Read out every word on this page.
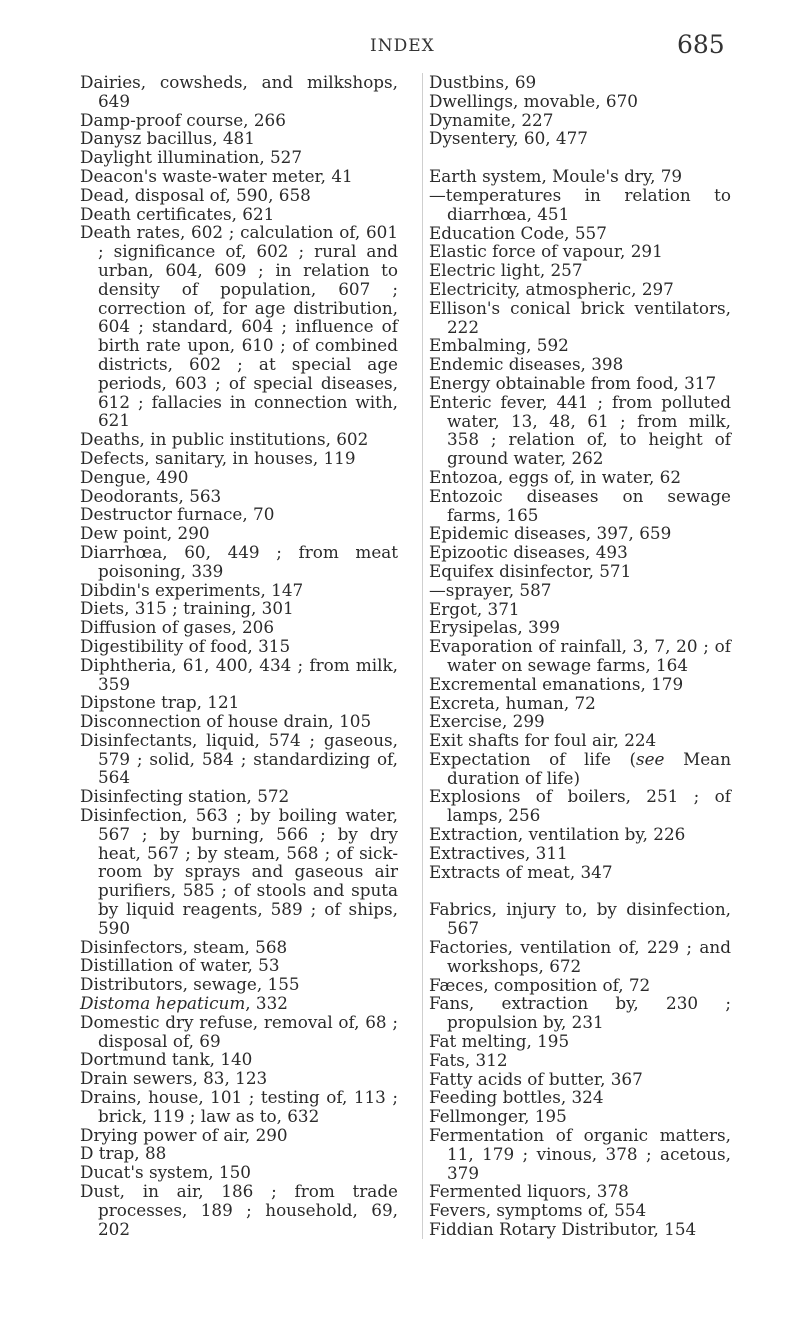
INDEX	685

Dairies, cowsheds, and milkshops, 649

Damp-proof course, 266

Danysz bacillus, 481

Daylight illumination, 527

Deacon's waste-water meter, 41

Dead, disposal of, 590, 658

Death certificates, 621

Death rates, 602 ; calculation of, 601 ; significance of, 602 ; rural and urban, 604, 609 ; in relation to density of population, 607 ; correction of, for age distribution, 604 ; standard, 604 ; influence of birth rate upon, 610 ; of combined districts, 602 ; at special age periods, 603 ; of special diseases, 612 ; fallacies in connection with, 621

Deaths, in public institutions, 602

Defects, sanitary, in houses, 119

Dengue, 490

Deodorants, 563

Destructor furnace, 70

Dew point, 290

Diarrhœa, 60, 449 ; from meat poisoning, 339

Dibdin's experiments, 147

Diets, 315 ; training, 301

Diffusion of gases, 206

Digestibility of food, 315

Diphtheria, 61, 400, 434 ; from milk, 359

Dipstone trap, 121

Disconnection of house drain, 105

Disinfectants, liquid, 574 ; gaseous, 579 ; solid, 584 ; standardizing of, 564

Disinfecting station, 572

Disinfection, 563 ; by boiling water, 567 ; by burning, 566 ; by dry heat, 567 ; by steam, 568 ; of sick-room by sprays and gaseous air purifiers, 585 ; of stools and sputa by liquid reagents, 589 ; of ships, 590

Disinfectors, steam, 568

Distillation of water, 53

Distributors, sewage, 155

Distoma hepaticum, 332

Domestic dry refuse, removal of, 68 ; disposal of, 69

Dortmund tank, 140

Drain sewers, 83, 123

Drains, house, 101 ; testing of, 113 ; brick, 119 ; law as to, 632

Drying power of air, 290

D trap, 88

Ducat's system, 150

Dust, in air, 186 ; from trade processes, 189 ; household, 69, 202

Dustbins, 69

Dwellings, movable, 670

Dynamite, 227

Dysentery, 60, 477

Earth system, Moule's dry, 79

—temperatures in relation to diarrhœa, 451

Education Code, 557

Elastic force of vapour, 291

Electric light, 257

Electricity, atmospheric, 297

Ellison's conical brick ventilators, 222

Embalming, 592

Endemic diseases, 398

Energy obtainable from food, 317

Enteric fever, 441 ; from polluted water, 13, 48, 61 ; from milk, 358 ; relation of, to height of ground water, 262

Entozoa, eggs of, in water, 62

Entozoic diseases on sewage farms, 165

Epidemic diseases, 397, 659

Epizootic diseases, 493

Equifex disinfector, 571

—sprayer, 587

Ergot, 371

Erysipelas, 399

Evaporation of rainfall, 3, 7, 20 ; of water on sewage farms, 164

Excremental emanations, 179

Excreta, human, 72

Exercise, 299

Exit shafts for foul air, 224

Expectation of life (see Mean duration of life)

Explosions of boilers, 251 ; of lamps, 256

Extraction, ventilation by, 226

Extractives, 311

Extracts of meat, 347

Fabrics, injury to, by disinfection, 567

Factories, ventilation of, 229 ; and workshops, 672

Fæces, composition of, 72

Fans, extraction by, 230 ; propulsion by, 231

Fat melting, 195

Fats, 312

Fatty acids of butter, 367

Feeding bottles, 324

Fellmonger, 195

Fermentation of organic matters, 11, 179 ; vinous, 378 ; acetous, 379

Fermented liquors, 378

Fevers, symptoms of, 554

Fiddian Rotary Distributor, 154
